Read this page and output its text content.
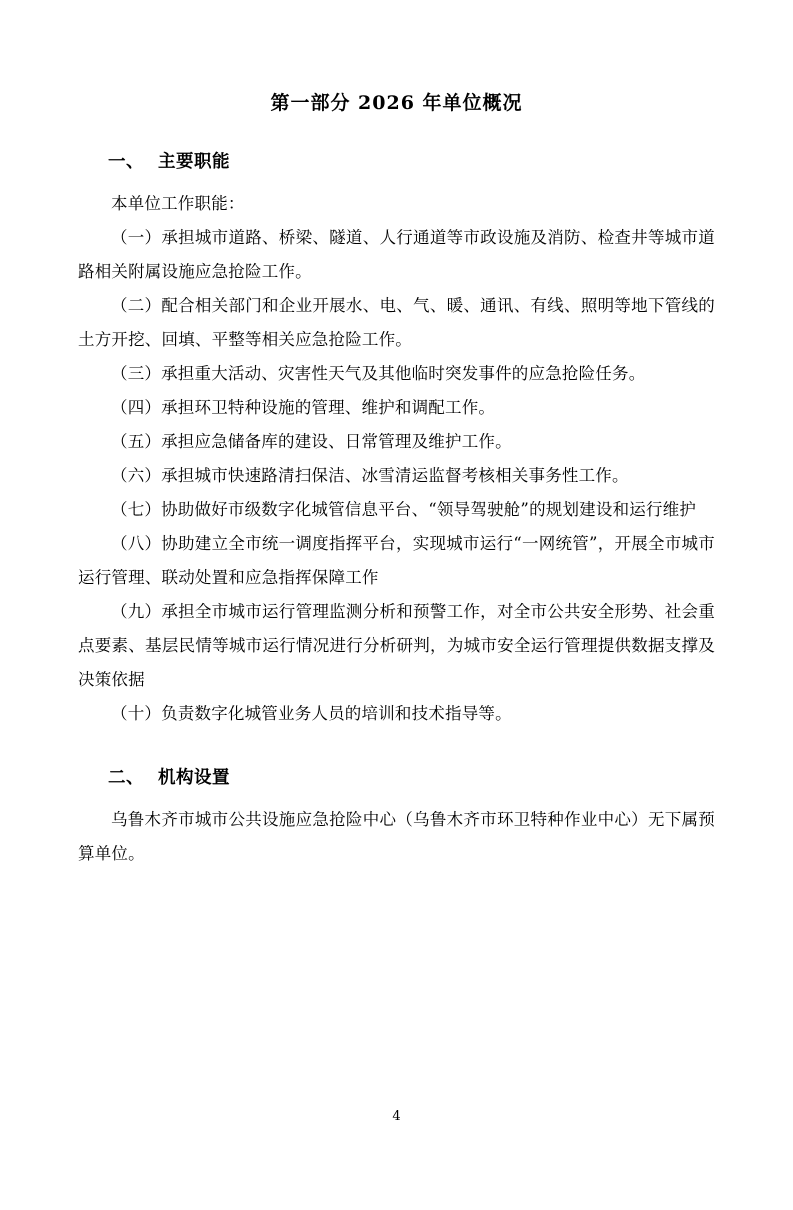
第一部分 2026 年单位概况
一、 主要职能

本单位工作职能：

（一）承担城市道路、桥梁、隧道、人行通道等市政设施及消防、检查井等城市道路相关附属设施应急抢险工作。

（二）配合相关部门和企业开展水、电、气、暖、通讯、有线、照明等地下管线的土方开挖、回填、平整等相关应急抢险工作。

（三）承担重大活动、灾害性天气及其他临时突发事件的应急抢险任务。

（四）承担环卫特种设施的管理、维护和调配工作。

（五）承担应急储备库的建设、日常管理及维护工作。

（六）承担城市快速路清扫保洁、冰雪清运监督考核相关事务性工作。

（七）协助做好市级数字化城管信息平台、“领导驾驶舱”的规划建设和运行维护

（八）协助建立全市统一调度指挥平台，实现城市运行“一网统管”，开展全市城市运行管理、联动处置和应急指挥保障工作

（九）承担全市城市运行管理监测分析和预警工作，对全市公共安全形势、社会重点要素、基层民情等城市运行情况进行分析研判，为城市安全运行管理提供数据支撑及决策依据

（十）负责数字化城管业务人员的培训和技术指导等。

二、 机构设置

乌鲁木齐市城市公共设施应急抢险中心（乌鲁木齐市环卫特种作业中心）无下属预算单位。

4
